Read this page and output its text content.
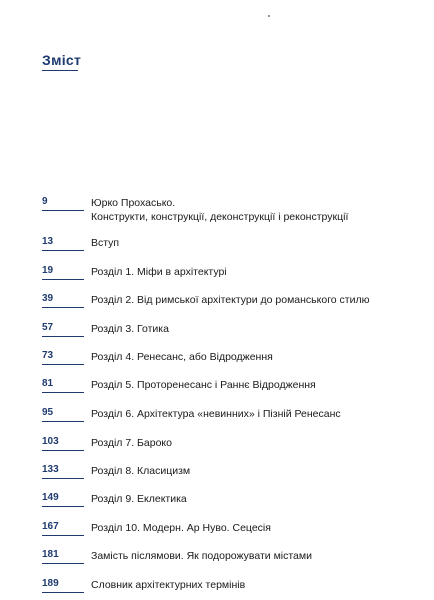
Зміст
9	Юрко Прохасько.
Конструкти, конструкції, деконструкції і реконструкції
13	Вступ
19	Розділ 1. Міфи в архітектурі
39	Розділ 2. Від римської архітектури до романського стилю
57	Розділ 3. Готика
73	Розділ 4. Ренесанс, або Відродження
81	Розділ 5. Проторенесанс і Раннє Відродження
95	Розділ 6. Архітектура «невинних» і Пізній Ренесанс
103	Розділ 7. Бароко
133	Розділ 8. Класицизм
149	Розділ 9. Еклектика
167	Розділ 10. Модерн. Ар Нуво. Сецесія
181	Замість післямови. Як подорожувати містами
189	Словник архітектурних термінів
